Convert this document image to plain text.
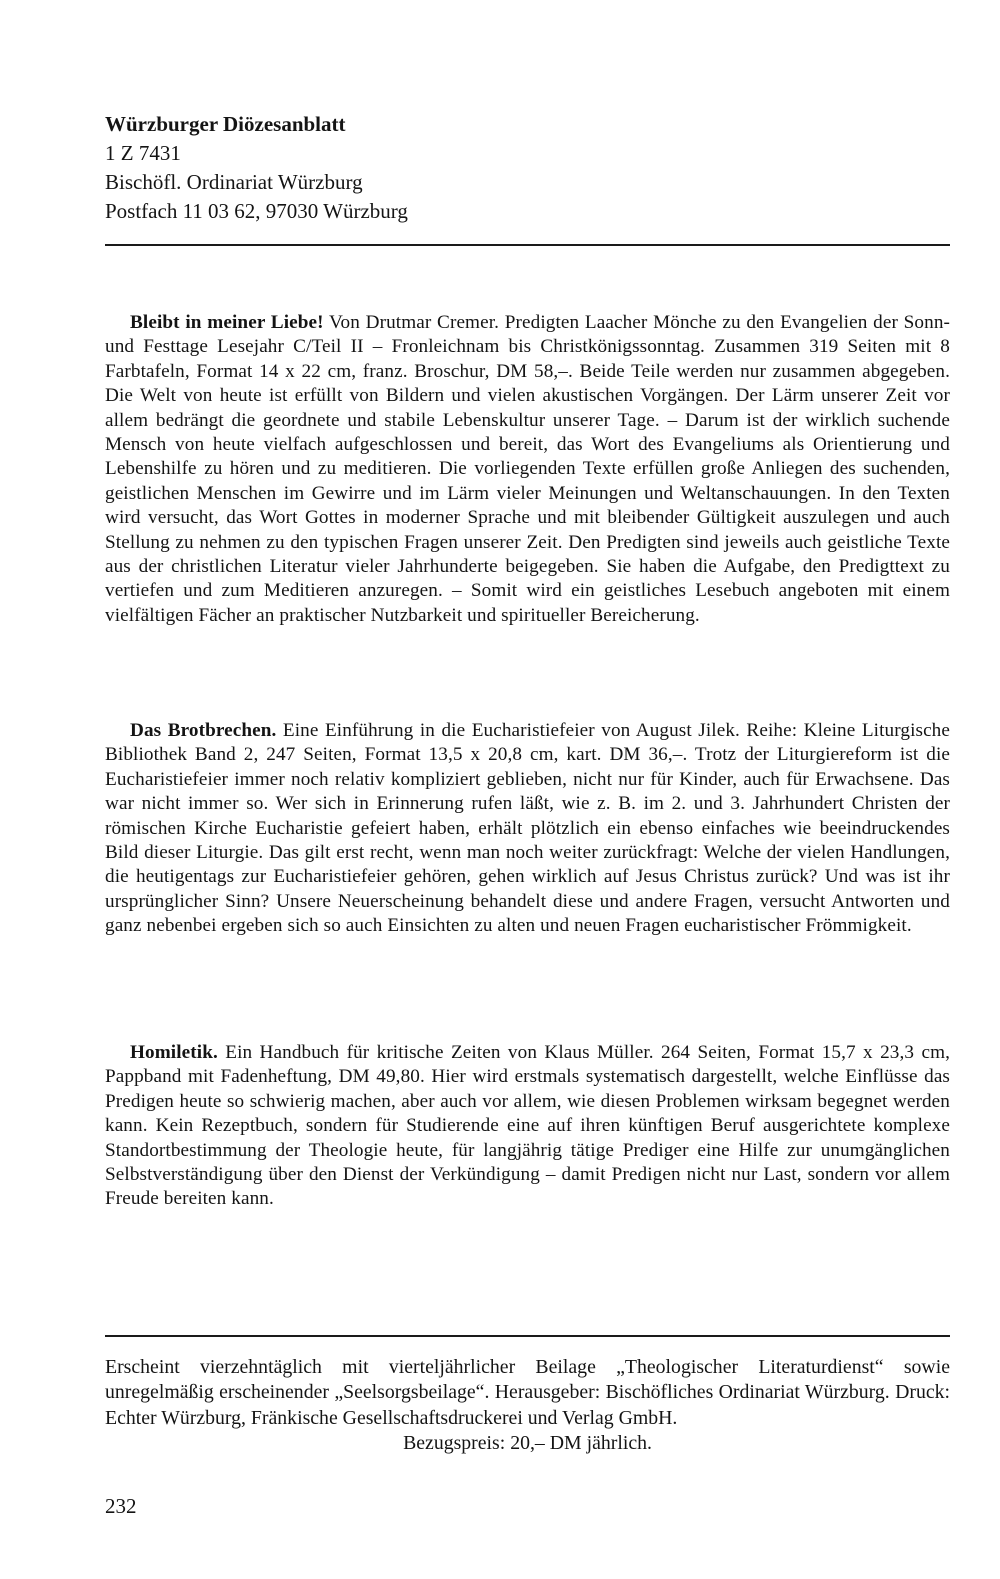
Würzburger Diözesanblatt
1 Z 7431
Bischöfl. Ordinariat Würzburg
Postfach 11 03 62, 97030 Würzburg
Bleibt in meiner Liebe! Von Drutmar Cremer. Predigten Laacher Mönche zu den Evangelien der Sonn- und Festtage Lesejahr C/Teil II – Fronleichnam bis Christkönigssonntag. Zusammen 319 Seiten mit 8 Farbtafeln, Format 14 x 22 cm, franz. Broschur, DM 58,–. Beide Teile werden nur zusammen abgegeben. Die Welt von heute ist erfüllt von Bildern und vielen akustischen Vorgängen. Der Lärm unserer Zeit vor allem bedrängt die geordnete und stabile Lebenskultur unserer Tage. – Darum ist der wirklich suchende Mensch von heute vielfach aufgeschlossen und bereit, das Wort des Evangeliums als Orientierung und Lebenshilfe zu hören und zu meditieren. Die vorliegenden Texte erfüllen große Anliegen des suchenden, geistlichen Menschen im Gewirre und im Lärm vieler Meinungen und Weltanschauungen. In den Texten wird versucht, das Wort Gottes in moderner Sprache und mit bleibender Gültigkeit auszulegen und auch Stellung zu nehmen zu den typischen Fragen unserer Zeit. Den Predigten sind jeweils auch geistliche Texte aus der christlichen Literatur vieler Jahrhunderte beigegeben. Sie haben die Aufgabe, den Predigttext zu vertiefen und zum Meditieren anzuregen. – Somit wird ein geistliches Lesebuch angeboten mit einem vielfältigen Fächer an praktischer Nutzbarkeit und spiritueller Bereicherung.
Das Brotbrechen. Eine Einführung in die Eucharistiefeier von August Jilek. Reihe: Kleine Liturgische Bibliothek Band 2, 247 Seiten, Format 13,5 x 20,8 cm, kart. DM 36,–. Trotz der Liturgiereform ist die Eucharistiefeier immer noch relativ kompliziert geblieben, nicht nur für Kinder, auch für Erwachsene. Das war nicht immer so. Wer sich in Erinnerung rufen läßt, wie z. B. im 2. und 3. Jahrhundert Christen der römischen Kirche Eucharistie gefeiert haben, erhält plötzlich ein ebenso einfaches wie beeindruckendes Bild dieser Liturgie. Das gilt erst recht, wenn man noch weiter zurückfragt: Welche der vielen Handlungen, die heutigentags zur Eucharistiefeier gehören, gehen wirklich auf Jesus Christus zurück? Und was ist ihr ursprünglicher Sinn? Unsere Neuerscheinung behandelt diese und andere Fragen, versucht Antworten und ganz nebenbei ergeben sich so auch Einsichten zu alten und neuen Fragen eucharistischer Frömmigkeit.
Homiletik. Ein Handbuch für kritische Zeiten von Klaus Müller. 264 Seiten, Format 15,7 x 23,3 cm, Pappband mit Fadenheftung, DM 49,80. Hier wird erstmals systematisch dargestellt, welche Einflüsse das Predigen heute so schwierig machen, aber auch vor allem, wie diesen Problemen wirksam begegnet werden kann. Kein Rezeptbuch, sondern für Studierende eine auf ihren künftigen Beruf ausgerichtete komplexe Standortbestimmung der Theologie heute, für langjährig tätige Prediger eine Hilfe zur unumgänglichen Selbstverständigung über den Dienst der Verkündigung – damit Predigen nicht nur Last, sondern vor allem Freude bereiten kann.
Erscheint vierzehntäglich mit vierteljährlicher Beilage „Theologischer Literaturdienst“ sowie unregelmäßig erscheinender „Seelsorgsbeilage“. Herausgeber: Bischöfliches Ordinariat Würzburg. Druck: Echter Würzburg, Fränkische Gesellschaftsdruckerei und Verlag GmbH.
Bezugspreis: 20,– DM jährlich.
232
